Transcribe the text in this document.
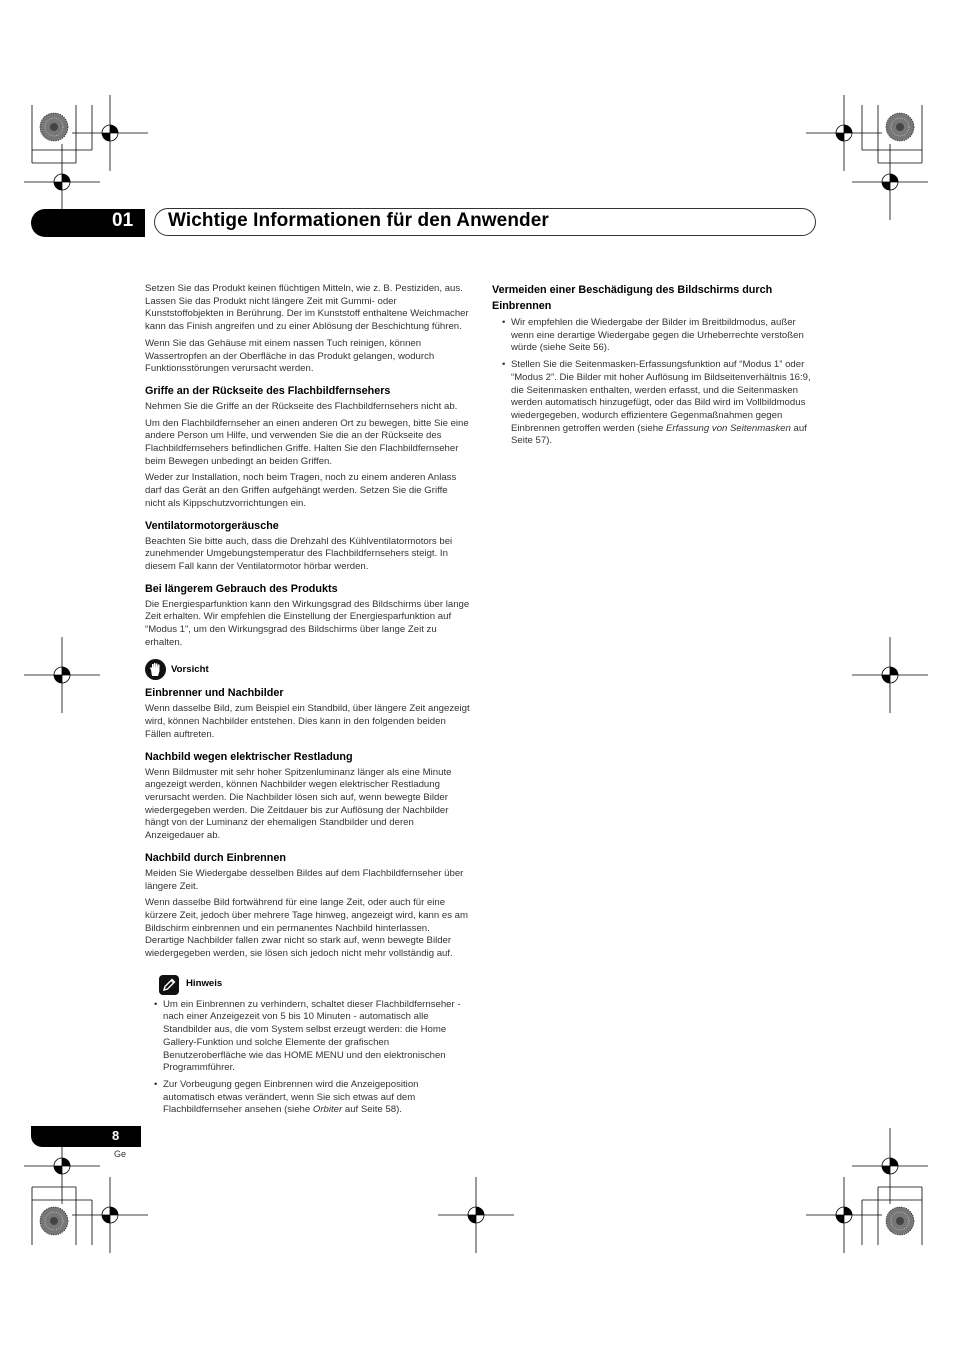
01 Wichtige Informationen für den Anwender

Setzen Sie das Produkt keinen flüchtigen Mitteln, wie z. B. Pestiziden, aus. Lassen Sie das Produkt nicht längere Zeit mit Gummi- oder Kunststoffobjekten in Berührung. Der im Kunststoff enthaltene Weichmacher kann das Finish angreifen und zu einer Ablösung der Beschichtung führen.

Wenn Sie das Gehäuse mit einem nassen Tuch reinigen, können Wassertropfen an der Oberfläche in das Produkt gelangen, wodurch Funktionsstörungen verursacht werden.

Griffe an der Rückseite des Flachbildfernsehers

Nehmen Sie die Griffe an der Rückseite des Flachbildfernsehers nicht ab.

Um den Flachbildfernseher an einen anderen Ort zu bewegen, bitte Sie eine andere Person um Hilfe, und verwenden Sie die an der Rückseite des Flachbildfernsehers befindlichen Griffe. Halten Sie den Flachbildfernseher beim Bewegen unbedingt an beiden Griffen.

Weder zur Installation, noch beim Tragen, noch zu einem anderen Anlass darf das Gerät an den Griffen aufgehängt werden. Setzen Sie die Griffe nicht als Kippschutzvorrichtungen ein.

Ventilatormotorgeräusche

Beachten Sie bitte auch, dass die Drehzahl des Kühlventilatormotors bei zunehmender Umgebungstemperatur des Flachbildfernsehers steigt. In diesem Fall kann der Ventilatormotor hörbar werden.

Bei längerem Gebrauch des Produkts

Die Energiesparfunktion kann den Wirkungsgrad des Bildschirms über lange Zeit erhalten. Wir empfehlen die Einstellung der Energiesparfunktion auf “Modus 1”, um den Wirkungsgrad des Bildschirms über lange Zeit zu erhalten.

Vorsicht
Einbrenner und Nachbilder

Wenn dasselbe Bild, zum Beispiel ein Standbild, über längere Zeit angezeigt wird, können Nachbilder entstehen. Dies kann in den folgenden beiden Fällen auftreten.

Nachbild wegen elektrischer Restladung

Wenn Bildmuster mit sehr hoher Spitzenluminanz länger als eine Minute angezeigt werden, können Nachbilder wegen elektrischer Restladung verursacht werden. Die Nachbilder lösen sich auf, wenn bewegte Bilder wiedergegeben werden. Die Zeitdauer bis zur Auflösung der Nachbilder hängt von der Luminanz der ehemaligen Standbilder und deren Anzeigedauer ab.

Nachbild durch Einbrennen

Meiden Sie Wiedergabe desselben Bildes auf dem Flachbildfernseher über längere Zeit.

Wenn dasselbe Bild fortwährend für eine lange Zeit, oder auch für eine kürzere Zeit, jedoch über mehrere Tage hinweg, angezeigt wird, kann es am Bildschirm einbrennen und ein permanentes Nachbild hinterlassen. Derartige Nachbilder fallen zwar nicht so stark auf, wenn bewegte Bilder wiedergegeben werden, sie lösen sich jedoch nicht mehr vollständig auf.

Hinweis
• Um ein Einbrennen zu verhindern, schaltet dieser Flachbildfernseher - nach einer Anzeigezeit von 5 bis 10 Minuten - automatisch alle Standbilder aus, die vom System selbst erzeugt werden: die Home Gallery-Funktion und solche Elemente der grafischen Benutzeroberfläche wie das HOME MENU und den elektronischen Programmführer.
• Zur Vorbeugung gegen Einbrennen wird die Anzeigeposition automatisch etwas verändert, wenn Sie sich etwas auf dem Flachbildfernseher ansehen (siehe Orbiter auf Seite 58).
Vermeiden einer Beschädigung des Bildschirms durch Einbrennen
• Wir empfehlen die Wiedergabe der Bilder im Breitbildmodus, außer wenn eine derartige Wiedergabe gegen die Urheberrechte verstoßen würde (siehe Seite 56).
• Stellen Sie die Seitenmasken-Erfassungsfunktion auf “Modus 1” oder “Modus 2”. Die Bilder mit hoher Auflösung im Bildseitenverhältnis 16:9, die Seitenmasken enthalten, werden erfasst, und die Seitenmasken werden automatisch hinzugefügt, oder das Bild wird im Vollbildmodus wiedergegeben, wodurch effizientere Gegenmaßnahmen gegen Einbrennen getroffen werden (siehe Erfassung von Seitenmasken auf Seite 57).
8
Ge
